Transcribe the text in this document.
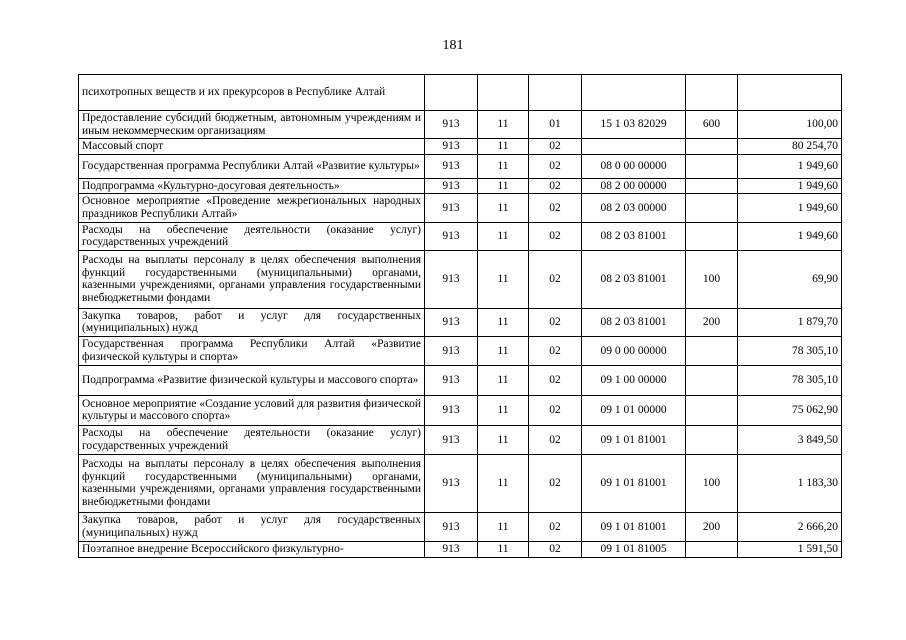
181
психотропных веществ и их прекурсоров в Республике Алтай						
Предоставление субсидий бюджетным, автономным учреждениям и иным некоммерческим организациям	913	11	01	15 1 03 82029	600	100,00
Массовый спорт	913	11	02			80 254,70
Государственная программа Республики Алтай «Развитие культуры»	913	11	02	08 0 00 00000		1 949,60
Подпрограмма «Культурно-досуговая деятельность»	913	11	02	08 2 00 00000		1 949,60
Основное мероприятие «Проведение межрегиональных народных праздников Республики Алтай»	913	11	02	08 2 03 00000		1 949,60
Расходы на обеспечение деятельности (оказание услуг) государственных учреждений	913	11	02	08 2 03 81001		1 949,60
Расходы на выплаты персоналу в целях обеспечения выполнения функций государственными (муниципальными) органами, казенными учреждениями, органами управления государственными внебюджетными фондами	913	11	02	08 2 03 81001	100	69,90
Закупка товаров, работ и услуг для государственных (муниципальных) нужд	913	11	02	08 2 03 81001	200	1 879,70
Государственная программа Республики Алтай «Развитие физической культуры и спорта»	913	11	02	09 0 00 00000		78 305,10
Подпрограмма «Развитие физической культуры и массового спорта»	913	11	02	09 1 00 00000		78 305,10
Основное мероприятие «Создание условий для развития физической культуры и массового спорта»	913	11	02	09 1 01 00000		75 062,90
Расходы на обеспечение деятельности (оказание услуг) государственных учреждений	913	11	02	09 1 01 81001		3 849,50
Расходы на выплаты персоналу в целях обеспечения выполнения функций государственными (муниципальными) органами, казенными учреждениями, органами управления государственными внебюджетными фондами	913	11	02	09 1 01 81001	100	1 183,30
Закупка товаров, работ и услуг для государственных (муниципальных) нужд	913	11	02	09 1 01 81001	200	2 666,20
Поэтапное внедрение Всероссийского физкультурно-	913	11	02	09 1 01 81005		1 591,50
